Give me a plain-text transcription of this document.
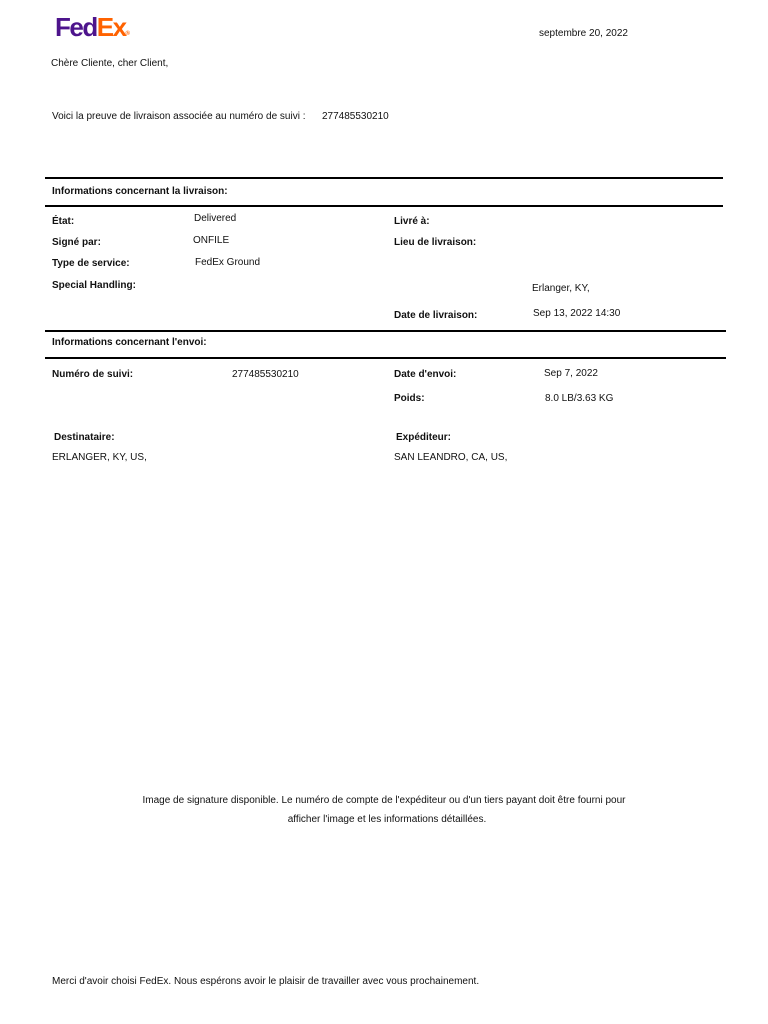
FedEx®	septembre 20, 2022
Chère Cliente, cher Client,
Voici la preuve de livraison associée au numéro de suivi : 277485530210
Informations concernant la livraison:
État:	Delivered
Signé par:	ONFILE
Type de service:	FedEx Ground
Special Handling:
Livré à:
Lieu de livraison:
Erlanger, KY,
Date de livraison:	Sep 13, 2022 14:30
Informations concernant l'envoi:
Numéro de suivi:	277485530210	Date d'envoi:	Sep 7, 2022
Poids:	8.0 LB/3.63 KG
Destinataire:
ERLANGER, KY, US,
Expéditeur:
SAN LEANDRO, CA, US,
Image de signature disponible. Le numéro de compte de l'expéditeur ou d'un tiers payant doit être fourni pour
afficher l'image et les informations détaillées.
Merci d'avoir choisi FedEx. Nous espérons avoir le plaisir de travailler avec vous prochainement.
